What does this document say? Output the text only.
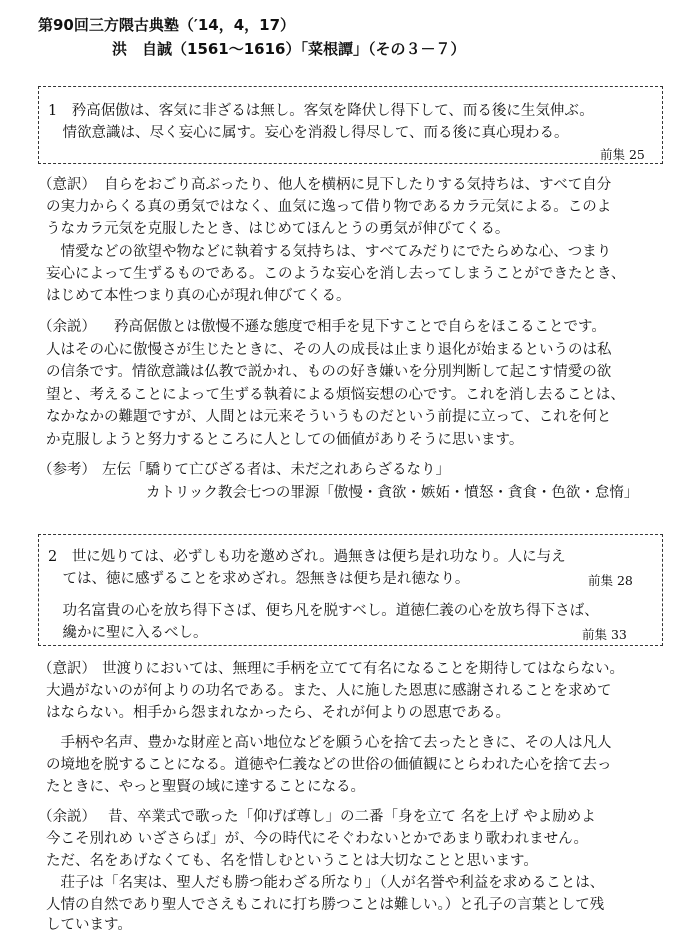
第90回三方隈古典塾（′14，4，17）
洪　自誠（1561～1616）「菜根譚」（その３－７）
1　矜高倨傲は、客気に非ざるは無し。客気を降伏し得下して、而る後に生気伸ぶ。
　情欲意識は、尽く妄心に属す。妄心を消殺し得尽して、而る後に真心現わる。
前集 25
（意訳） 自らをおごり高ぶったり、他人を横柄に見下したりする気持ちは、すべて自分
の実力からくる真の勇気ではなく、血気に逸って借り物であるカラ元気による。このよ
うなカラ元気を克服したとき、はじめてほんとうの勇気が伸びてくる。
　情愛などの欲望や物などに執着する気持ちは、すべてみだりにでたらめな心、つまり
妄心によって生ずるものである。このような妄心を消し去ってしまうことができたとき、
はじめて本性つまり真の心が現れ伸びてくる。
（余説） 矜高倨傲とは傲慢不遜な態度で相手を見下すことで自らをほこることです。
人はその心に傲慢さが生じたときに、その人の成長は止まり退化が始まるというのは私
の信条です。情欲意識は仏教で説かれ、ものの好き嫌いを分別判断して起こす情愛の欲
望と、考えることによって生ずる執着による煩悩妄想の心です。これを消し去ることは、
なかなかの難題ですが、人間とは元来そういうものだという前提に立って、これを何と
か克服しようと努力するところに人としての価値がありそうに思います。
（参考） 左伝「驕りて亡びざる者は、未だ之れあらざるなり」
カトリック教会七つの罪源「傲慢・貪欲・嫉妬・憤怒・貪食・色欲・怠惰」
2　世に処りては、必ずしも功を邀めざれ。過無きは便ち是れ功なり。人に与え
　ては、徳に感ずることを求めざれ。怨無きは便ち是れ徳なり。	前集 28
　功名富貴の心を放ち得下さば、便ち凡を脱すべし。道徳仁義の心を放ち得下さば、
　纔かに聖に入るべし。	前集 33
（意訳） 世渡りにおいては、無理に手柄を立てて有名になることを期待してはならない。
大過がないのが何よりの功名である。また、人に施した恩恵に感謝されることを求めて
はならない。相手から怨まれなかったら、それが何よりの恩恵である。
　手柄や名声、豊かな財産と高い地位などを願う心を捨て去ったときに、その人は凡人
の境地を脱することになる。道徳や仁義などの世俗の価値観にとらわれた心を捨て去っ
たときに、やっと聖賢の域に達することになる。
（余説） 昔、卒業式で歌った「仰げば尊し」の二番「身を立て 名を上げ やよ励めよ
今こそ別れめ いざさらば」が、今の時代にそぐわないとかであまり歌われません。
ただ、名をあげなくても、名を惜しむということは大切なことと思います。
　荘子は「名実は、聖人だも勝つ能わざる所なり」（人が名誉や利益を求めることは、
人情の自然であり聖人でさえもこれに打ち勝つことは難しい。）と孔子の言葉として残
しています。
